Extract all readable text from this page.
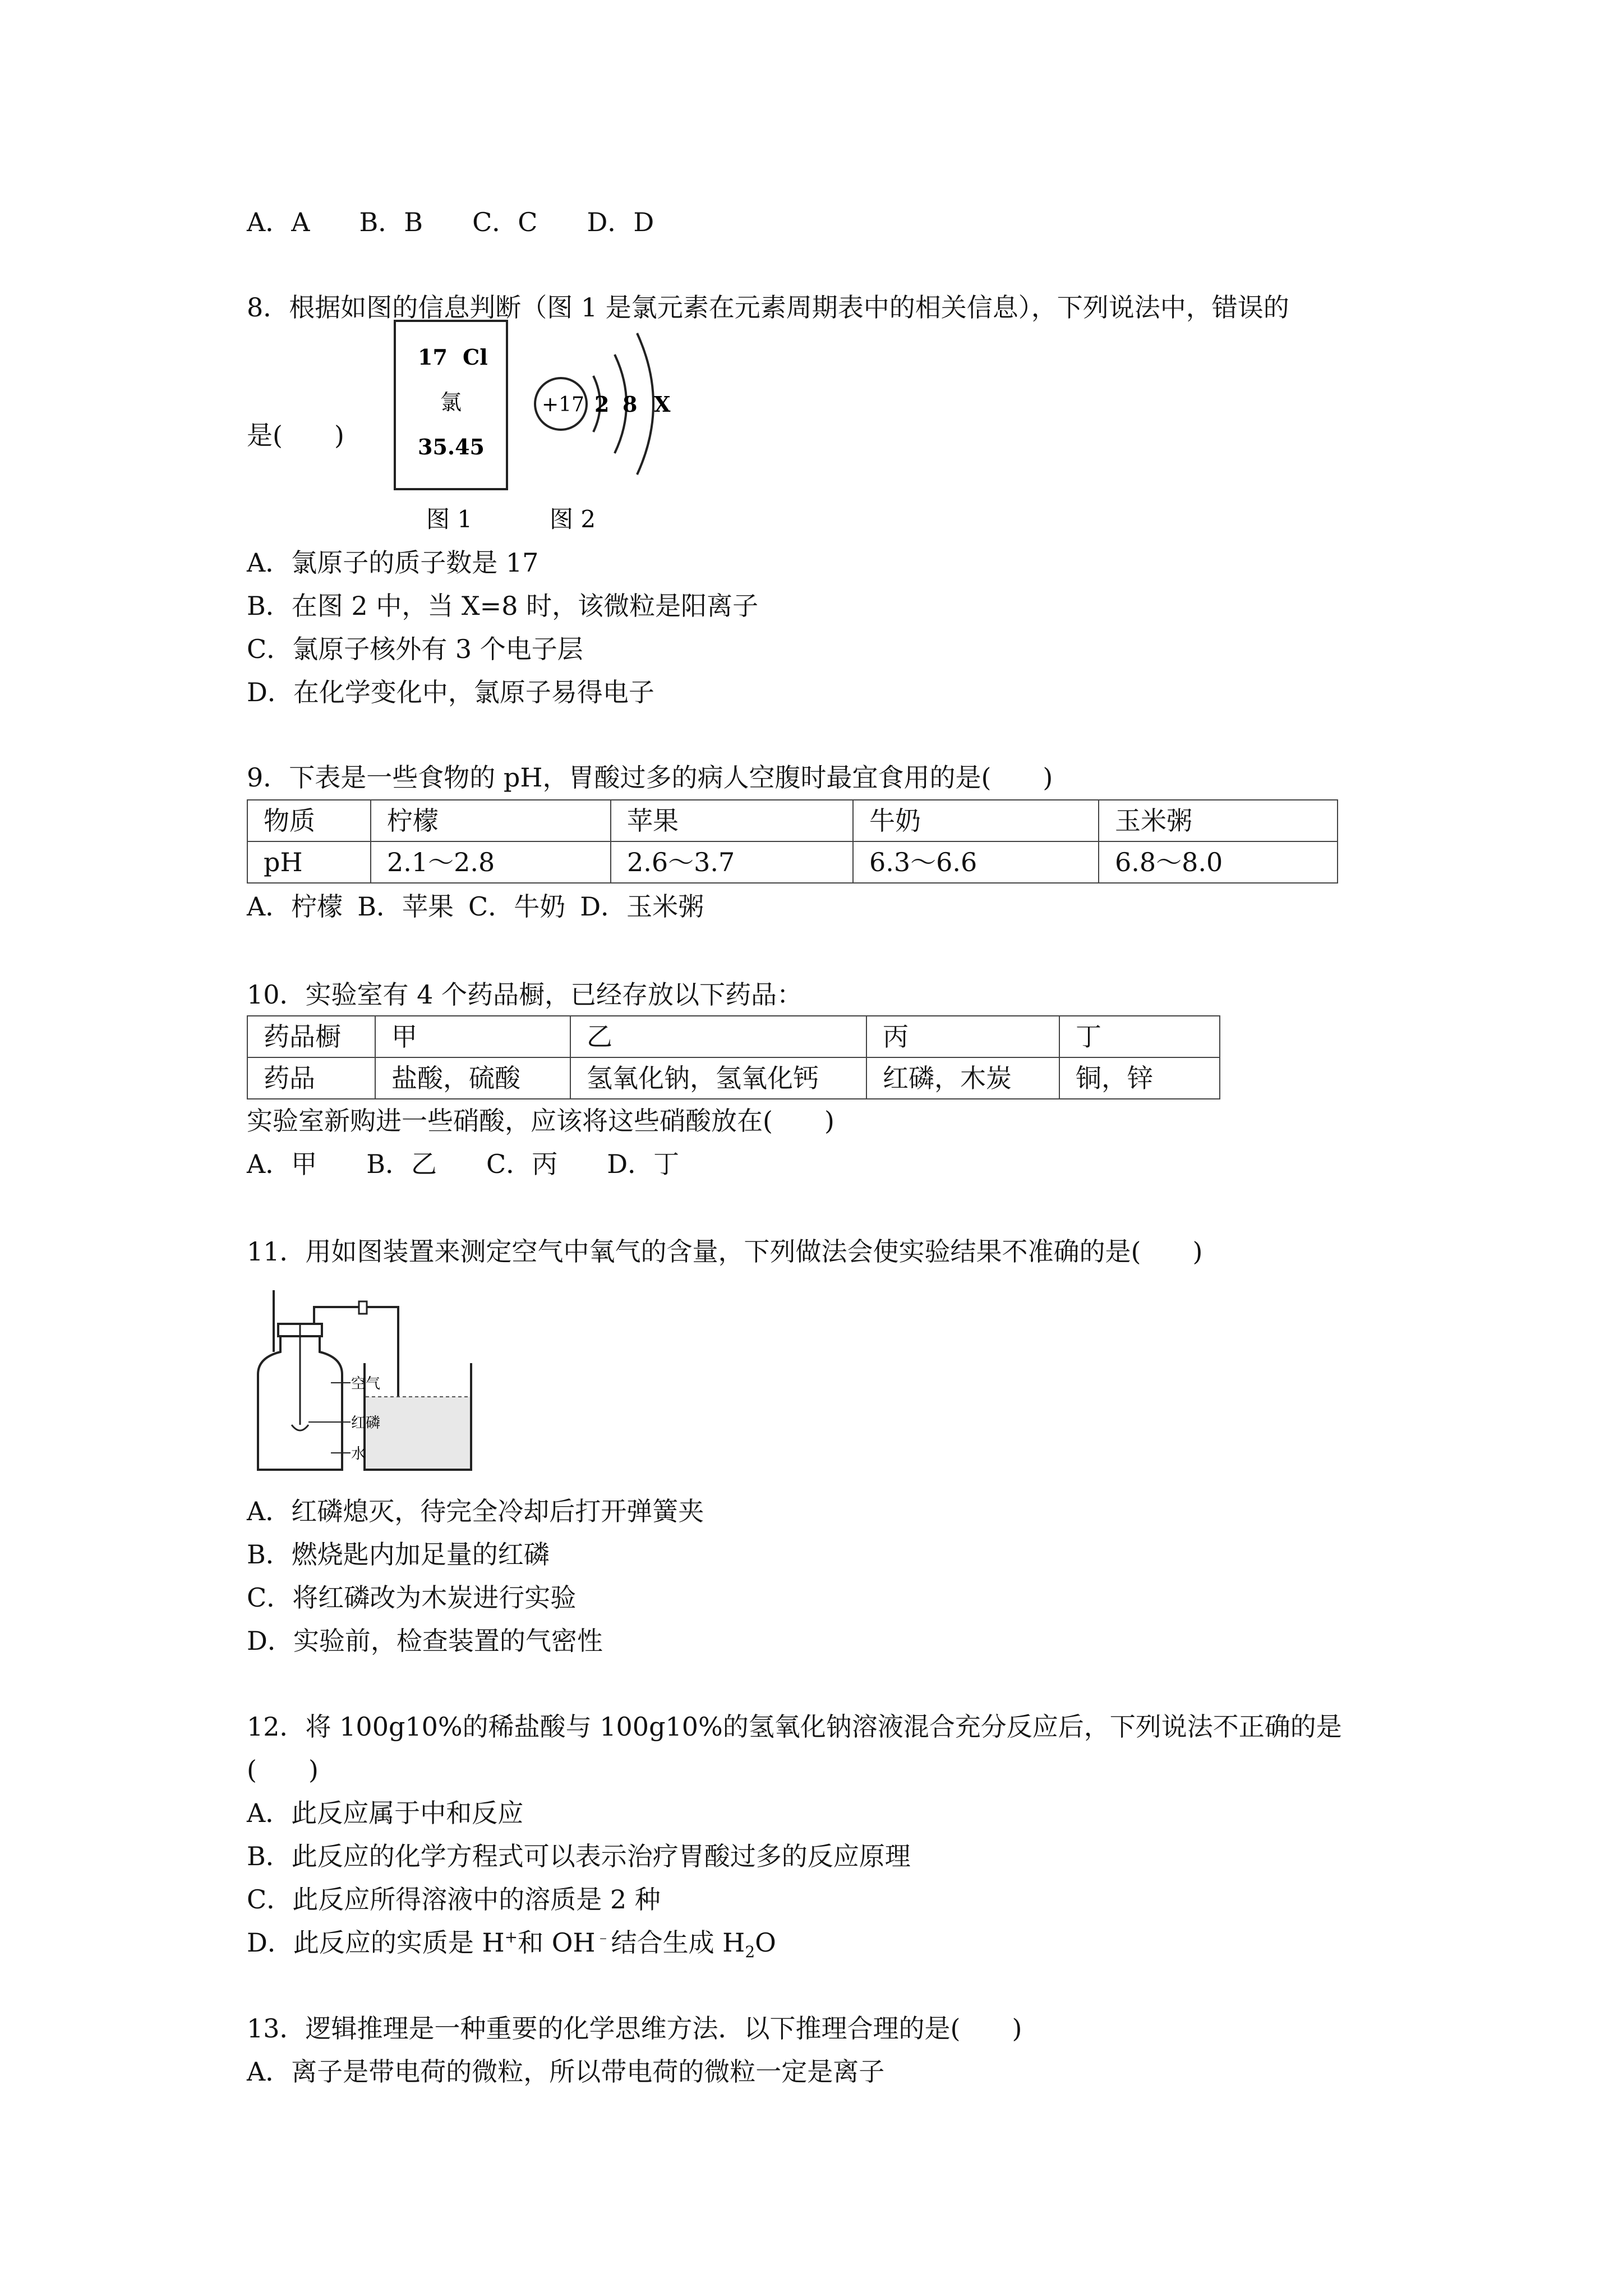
A．A B．B C．C D．D
8．根据如图的信息判断（图 1 是氯元素在元素周期表中的相关信息），下列说法中，错误的
是(　　)
17 Cl
氯
35.45
+17 2 8 X
图 1	图 2
A．氯原子的质子数是 17
B．在图 2 中，当 X=8 时，该微粒是阳离子
C．氯原子核外有 3 个电子层
D．在化学变化中，氯原子易得电子
9．下表是一些食物的 pH，胃酸过多的病人空腹时最宜食用的是(　　)
物质	柠檬	苹果	牛奶	玉米粥
pH	2.1～2.8	2.6～3.7	6.3～6.6	6.8～8.0
A．柠檬 B．苹果 C．牛奶 D．玉米粥
10．实验室有 4 个药品橱，已经存放以下药品：
药品橱	甲	乙	丙	丁
药品	盐酸，硫酸	氢氧化钠，氢氧化钙	红磷，木炭	铜，锌
实验室新购进一些硝酸，应该将这些硝酸放在(　　)
A．甲 B．乙 C．丙 D．丁
11．用如图装置来测定空气中氧气的含量，下列做法会使实验结果不准确的是(　　)
空气
红磷
水
A．红磷熄灭，待完全冷却后打开弹簧夹
B．燃烧匙内加足量的红磷
C．将红磷改为木炭进行实验
D．实验前，检查装置的气密性
12．将 100g10%的稀盐酸与 100g10%的氢氧化钠溶液混合充分反应后，下列说法不正确的是
(　　)
A．此反应属于中和反应
B．此反应的化学方程式可以表示治疗胃酸过多的反应原理
C．此反应所得溶液中的溶质是 2 种
D．此反应的实质是 H+和 OH﹣结合生成 $H_2O$
13．逻辑推理是一种重要的化学思维方法．以下推理合理的是(　　)
A．离子是带电荷的微粒，所以带电荷的微粒一定是离子
